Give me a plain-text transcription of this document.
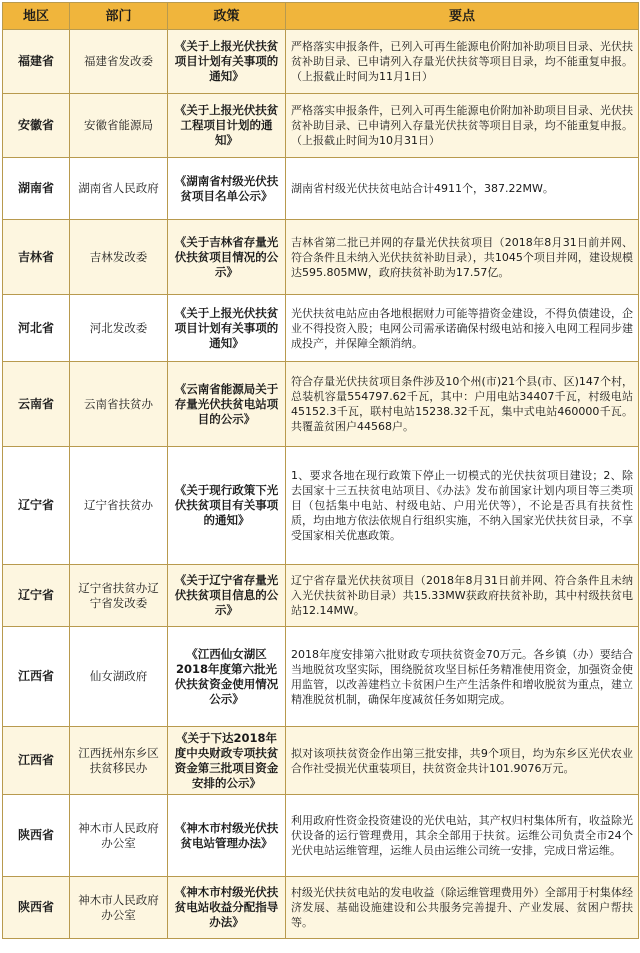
地区	部门	政策	要点
福建省	福建省发改委	《关于上报光伏扶贫项目计划有关事项的通知》	严格落实申报条件，已列入可再生能源电价附加补助项目目录、光伏扶贫补助目录、已申请列入存量光伏扶贫等项目目录，均不能重复申报。（上报截止时间为11月1日）
安徽省	安徽省能源局	《关于上报光伏扶贫工程项目计划的通知》	严格落实申报条件，已列入可再生能源电价附加补助项目目录、光伏扶贫补助目录、已申请列入存量光伏扶贫等项目目录，均不能重复申报。（上报截止时间为10月31日）
湖南省	湖南省人民政府	《湖南省村级光伏扶贫项目名单公示》	湖南省村级光伏扶贫电站合计4911个，387.22MW。
吉林省	吉林发改委	《关于吉林省存量光伏扶贫项目情况的公示》	吉林省第二批已并网的存量光伏扶贫项目（2018年8月31日前并网、符合条件且未纳入光伏扶贫补助目录），共1045个项目并网，建设规模达595.805MW，政府扶贫补助为17.57亿。
河北省	河北发改委	《关于上报光伏扶贫项目计划有关事项的通知》	光伏扶贫电站应由各地根据财力可能等措资金建设，不得负债建设，企业不得投资入股；电网公司需承诺确保村级电站和接入电网工程同步建成投产，并保障全额消纳。
云南省	云南省扶贫办	《云南省能源局关于存量光伏扶贫电站项目的公示》	符合存量光伏扶贫项目条件涉及10个州(市)21个县(市、区)147个村，总装机容量554797.62千瓦，其中：户用电站34407千瓦，村级电站45152.3千瓦，联村电站15238.32千瓦，集中式电站460000千瓦。共覆盖贫困户44568户。
辽宁省	辽宁省扶贫办	《关于现行政策下光伏扶贫项目有关事项的通知》	1、要求各地在现行政策下停止一切模式的光伏扶贫项目建设；2、除去国家十三五扶贫电站项目、《办法》发布前国家计划内项目等三类项目（包括集中电站、村级电站、户用光伏等），不论是否具有扶贫性质，均由地方依法依规自行组织实施，不纳入国家光伏扶贫目录，不享受国家相关优惠政策。
辽宁省	辽宁省扶贫办辽宁省发改委	《关于辽宁省存量光伏扶贫项目信息的公示》	辽宁省存量光伏扶贫项目（2018年8月31日前并网、符合条件且未纳入光伏扶贫补助目录）共15.33MW获政府扶贫补助，其中村级扶贫电站12.14MW。
江西省	仙女湖政府	《江西仙女湖区2018年度第六批光伏扶贫资金使用情况公示》	2018年度安排第六批财政专项扶贫资金70万元。各乡镇（办）要结合当地脱贫攻坚实际，围绕脱贫攻坚目标任务精准使用资金，加强资金使用监管，以改善建档立卡贫困户生产生活条件和增收脱贫为重点，建立精准脱贫机制，确保年度减贫任务如期完成。
江西省	江西抚州东乡区扶贫移民办	《关于下达2018年度中央财政专项扶贫资金第三批项目资金安排的公示》	拟对该项扶贫资金作出第三批安排，共9个项目，均为东乡区光伏农业合作社受损光伏重装项目，扶贫资金共计101.9076万元。
陕西省	神木市人民政府办公室	《神木市村级光伏扶贫电站管理办法》	利用政府性资金投资建设的光伏电站，其产权归村集体所有，收益除光伏设备的运行管理费用，其余全部用于扶贫。运维公司负责全市24个光伏电站运维管理，运维人员由运维公司统一安排，完成日常运维。
陕西省	神木市人民政府办公室	《神木市村级光伏扶贫电站收益分配指导办法》	村级光伏扶贫电站的发电收益（除运维管理费用外）全部用于村集体经济发展、基础设施建设和公共服务完善提升、产业发展、贫困户帮扶等。
